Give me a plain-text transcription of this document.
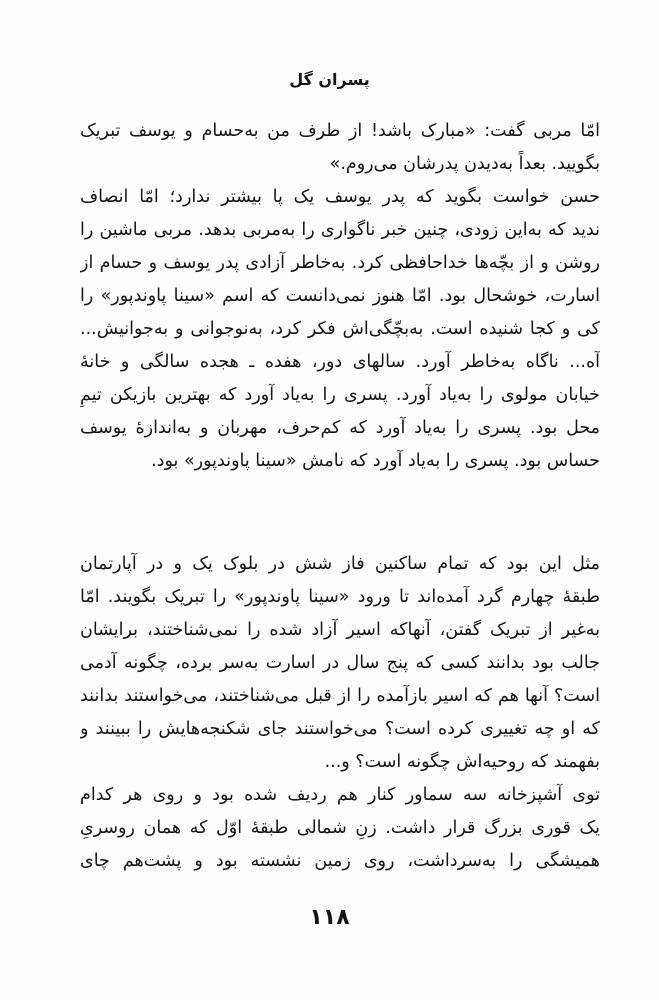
پسران گل
امّا مربی گفت: «مبارک باشد! از طرف من به‌حسام و یوسف تبریک
بگویید. بعداً به‌دیدن پدرشان می‌روم.»
حسن خواست بگوید که پدر یوسف یک پا بیشتر ندارد؛ امّا انصاف
ندید که به‌این زودی، چنین خبر ناگواری را به‌مربی بدهد. مربی ماشین را
روشن و از بچّه‌ها خداحافظی کرد. به‌خاطر آزادی پدر یوسف و حسام از
اسارت، خوشحال بود. امّا هنوز نمی‌دانست که اسم «سینا پاوندپور» را
کی و کجا شنیده است. به‌بچّگی‌اش فکر کرد، به‌نوجوانی و به‌جوانیش...
آه... ناگاه به‌خاطر آورد. سالهای دور، هفده ـ هجده سالگی و خانهٔ
خیابان مولوی را به‌یاد آورد. پسری را به‌یاد آورد که بهترین بازیکن تیمِ
محل بود. پسری را به‌یاد آورد که کم‌حرف، مهربان و به‌اندازهٔ یوسف
حساس بود. پسری را به‌یاد آورد که نامش «سینا پاوندپور» بود.
مثل این بود که تمام ساکنین فاز شش در بلوک یک و در آپارتمان
طبقهٔ چهارم گرد آمده‌اند تا ورود «سینا پاوندپور» را تبریک بگویند. امّا
به‌غیر از تبریک گفتن، آنهاکه اسیر آزاد شده را نمی‌شناختند، برایشان
جالب بود بدانند کسی که پنج سال در اسارت به‌سر برده، چگونه آدمی
است؟ آنها هم که اسیر بازآمده را از قبل می‌شناختند، می‌خواستند بدانند
که او چه تغییری کرده است؟ می‌خواستند جای شکنجه‌هایش را ببینند و
بفهمند که روحیه‌اش چگونه است؟ و...
توی آشپزخانه سه سماور کنار هم ردیف شده بود و روی هر کدام
یک قوری بزرگ قرار داشت. زنِ شمالی طبقهٔ اوّل که همان روسریِ
همیشگی را به‌سرداشت، روی زمین نشسته بود و پشت‌هم چای
۱۱۸
